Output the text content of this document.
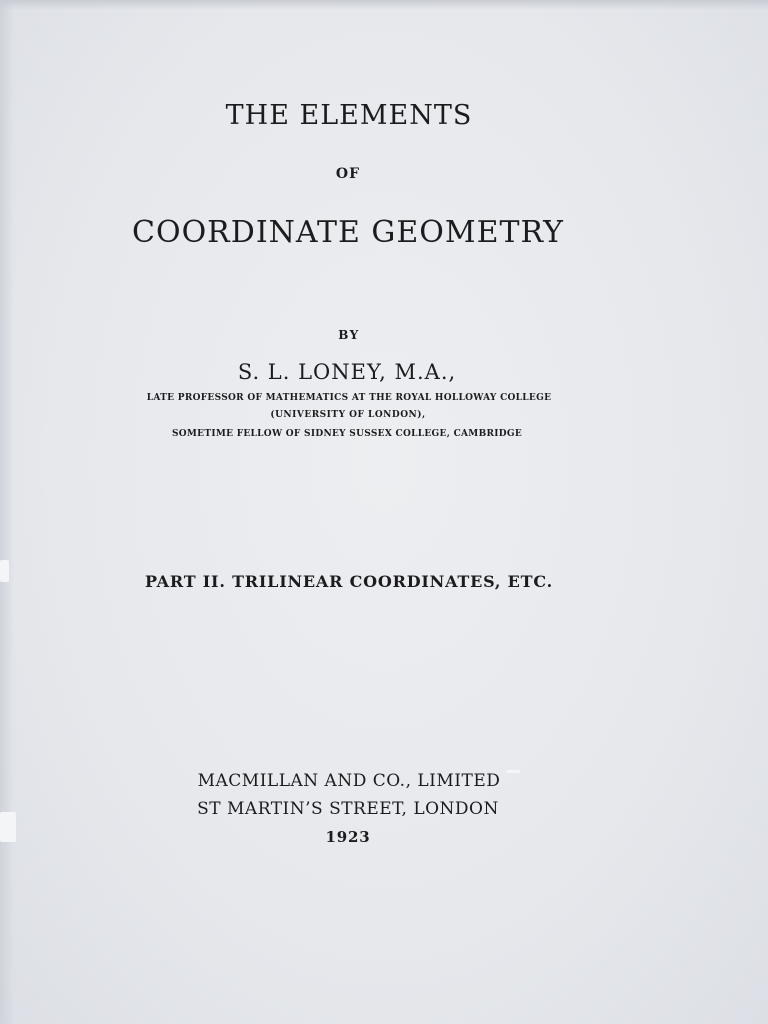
THE ELEMENTS
OF
COORDINATE GEOMETRY
BY
S. L. LONEY, M.A.,
LATE PROFESSOR OF MATHEMATICS AT THE ROYAL HOLLOWAY COLLEGE
(UNIVERSITY OF LONDON),
SOMETIME FELLOW OF SIDNEY SUSSEX COLLEGE, CAMBRIDGE
PART II. TRILINEAR COORDINATES, ETC.
MACMILLAN AND CO., LIMITED
ST MARTIN’S STREET, LONDON
1923
